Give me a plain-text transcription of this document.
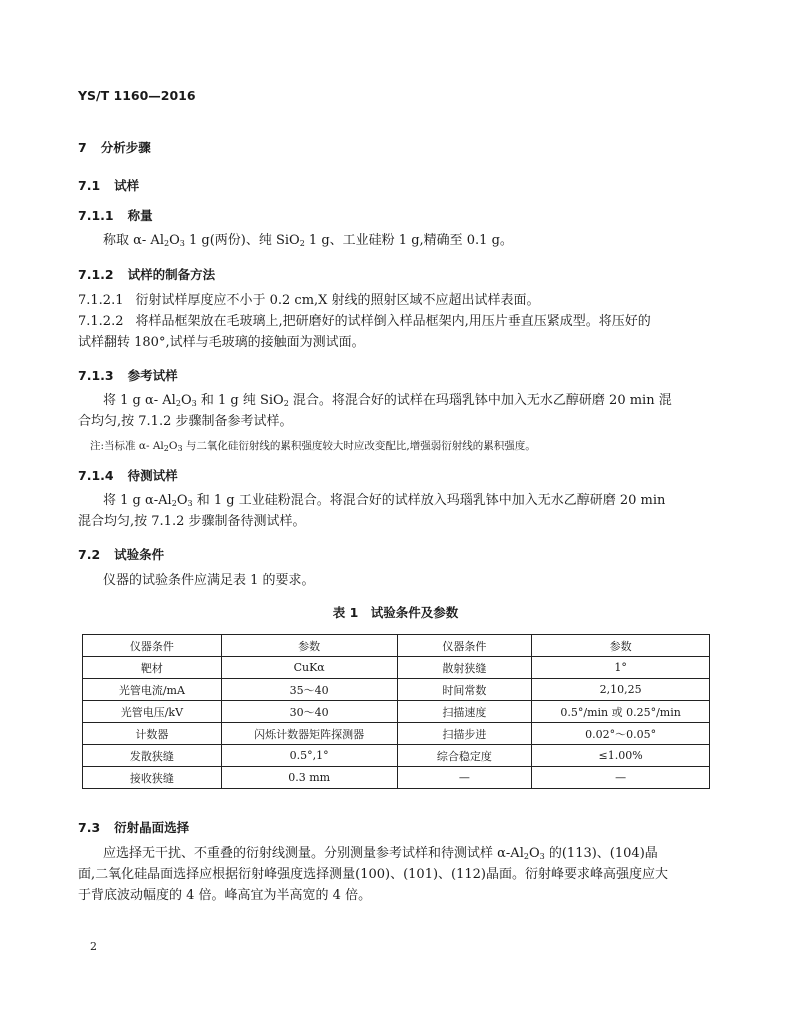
YS/T 1160—2016
7 分析步骤
7.1 试样
7.1.1 称量
称取 α- $Al_2O_3$ 1 g(两份)、纯 SiO$_2$ 1 g、工业硅粉 1 g,精确至 0.1 g。
7.1.2 试样的制备方法
7.1.2.1 衍射试样厚度应不小于 0.2 cm,X 射线的照射区域不应超出试样表面。
7.1.2.2 将样品框架放在毛玻璃上,把研磨好的试样倒入样品框架内,用压片垂直压紧成型。将压好的
试样翻转 180°,试样与毛玻璃的接触面为测试面。
7.1.3 参考试样
将 1 g α- $Al_2O_3$ 和 1 g 纯 SiO$_2$ 混合。将混合好的试样在玛瑙乳钵中加入无水乙醇研磨 20 min 混
合均匀,按 7.1.2 步骤制备参考试样。
注:当标准 α- $Al_2O_3$ 与二氧化硅衍射线的累积强度较大时应改变配比,增强弱衍射线的累积强度。
7.1.4 待测试样
将 1 g $\alpha-Al_2O_3$ 和 1 g 工业硅粉混合。将混合好的试样放入玛瑙乳钵中加入无水乙醇研磨 20 min
混合均匀,按 7.1.2 步骤制备待测试样。
7.2 试验条件
仪器的试验条件应满足表 1 的要求。
表 1　试验条件及参数
仪器条件	参数	仪器条件	参数
靶材	CuKα	散射狭缝	1°
光管电流/mA	35～40	时间常数	2,10,25
光管电压/kV	30～40	扫描速度	0.5°/min 或 0.25°/min
计数器	闪烁计数器矩阵探测器	扫描步进	0.02°～0.05°
发散狭缝	0.5°,1°	综合稳定度	≤1.00%
接收狭缝	0.3 mm	—	—
7.3 衍射晶面选择
应选择无干扰、不重叠的衍射线测量。分别测量参考试样和待测试样 $\alpha-Al_2O_3$ 的(113)、(104)晶
面,二氧化硅晶面选择应根据衍射峰强度选择测量(100)、(101)、(112)晶面。衍射峰要求峰高强度应大
于背底波动幅度的 4 倍。峰高宜为半高宽的 4 倍。
2
